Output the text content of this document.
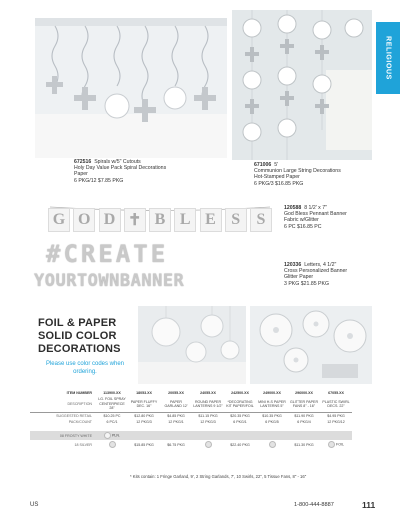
672516 Spirals w/5" Cutouts
Holy Day Value Pack Spiral Decorations
Paper
6 PKG/12 $7.85 PKG
671006 5'
Communion Large String Decorations
Hot-Stamped Paper
6 PKG/3 $16.85 PKG
RELIGIOUS
G O D ✝ B L E S	S
120588 8 1/2' x 7"
God Bless Pennant Banner
Fabric w/Glitter
6 PC $16.85 PC
#CREATE
YOURTOWNBANNER
120336 Letters, 4 1/2"
Cross Personalized Banner
Glitter Paper
3 PKG $21.85 PKG
FOIL & PAPER
SOLID COLOR
DECORATIONS
Please use color codes when ordering.
ITEM NUMBER	113900.XX	18053.XX	20055.XX	24055.XX	242500.XX	249000.XX	296000.XX	67055.XX
DESCRIPTION	LG. FOIL SPRAY CENTERPIECE 28"	PAPER FLUFFY DEC. 16"	PAPER GARLAND 12'	ROUND PAPER LANTERNS 9 1/2"	*DECORATING KIT PAPER/FOIL	MINI H-S PAPER LANTERNS 5"	GLITTER PAPER FANS 8" - 16"	PLASTIC SWIRL DECS. 22"
SUGGESTED RETAIL	$10.25 PC	$12.80 PKG	$4.85 PKG	$11.15 PKG	$20.35 PKG	$10.35 PKG	$11.90 PKG	$4.95 PKG
PACK/COUNT	6 PC/1	12 PKG/3	12 PKG/1	12 PKG/3	6 PKG/1	6 PKG/5	6 PKG/4	12 PKG/12

08 FROSTY WHITE	PLN.							
18 SILVER		$15.85 PKG	$6.75 PKG		$22.40 PKG		$11.30 PKG	FOIL
* Kits contain: 1 Fringe Garland, 9', 2 String Garlands, 7', 10 Swirls, 22", 5 Tissue Fans, 8" - 16"
US	1-800-444-8887	111
